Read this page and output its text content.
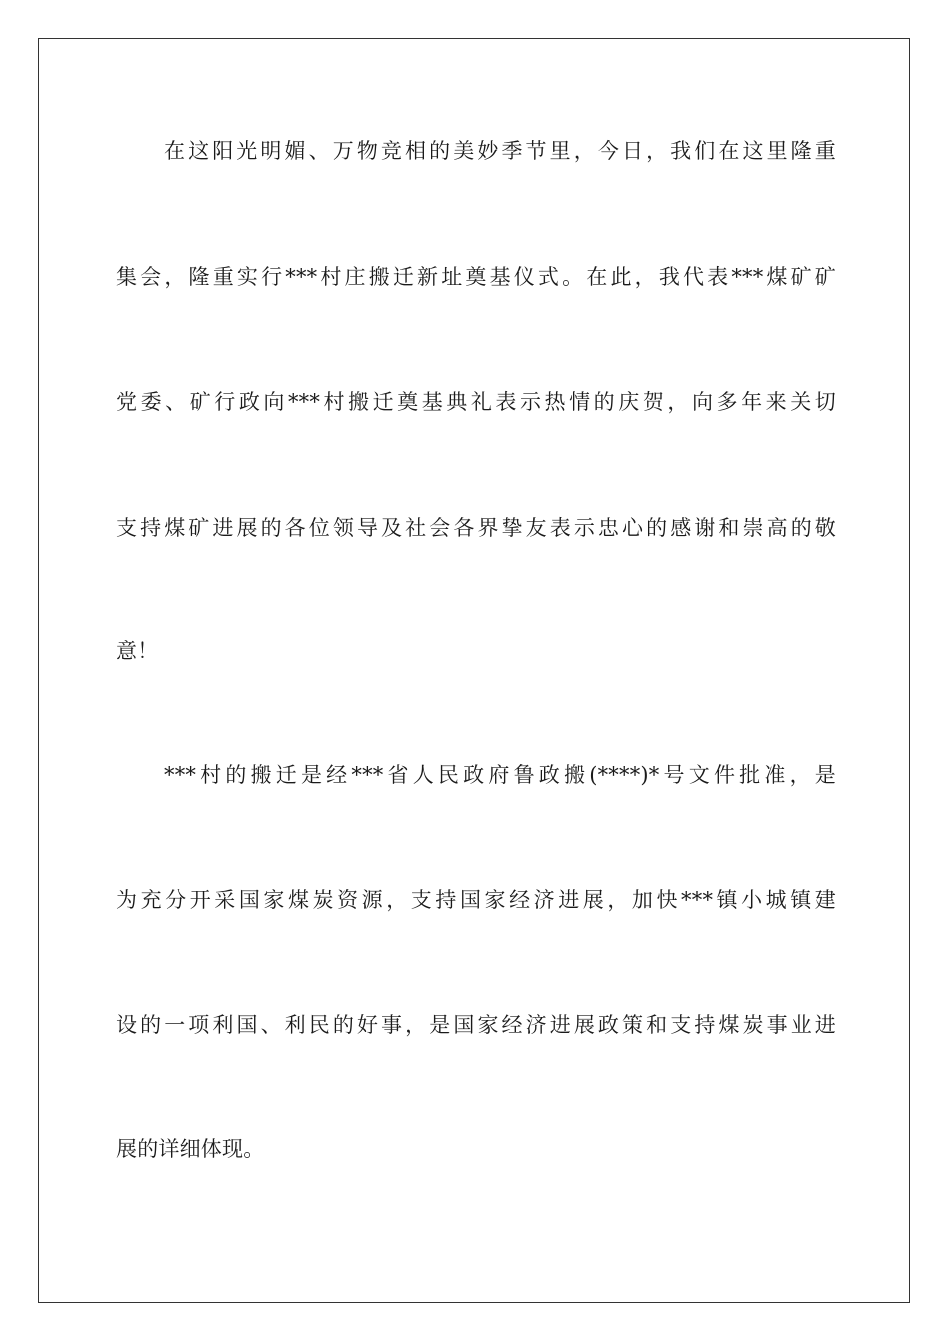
在这阳光明媚、万物竞相的美妙季节里，今日，我们在这里隆重
集会，隆重实行***村庄搬迁新址奠基仪式。在此，我代表***煤矿矿
党委、矿行政向***村搬迁奠基典礼表示热情的庆贺，向多年来关切
支持煤矿进展的各位领导及社会各界挚友表示忠心的感谢和崇高的敬
意！
***村的搬迁是经***省人民政府鲁政搬(****)*号文件批准，是
为充分开采国家煤炭资源，支持国家经济进展，加快***镇小城镇建
设的一项利国、利民的好事，是国家经济进展政策和支持煤炭事业进
展的详细体现。
